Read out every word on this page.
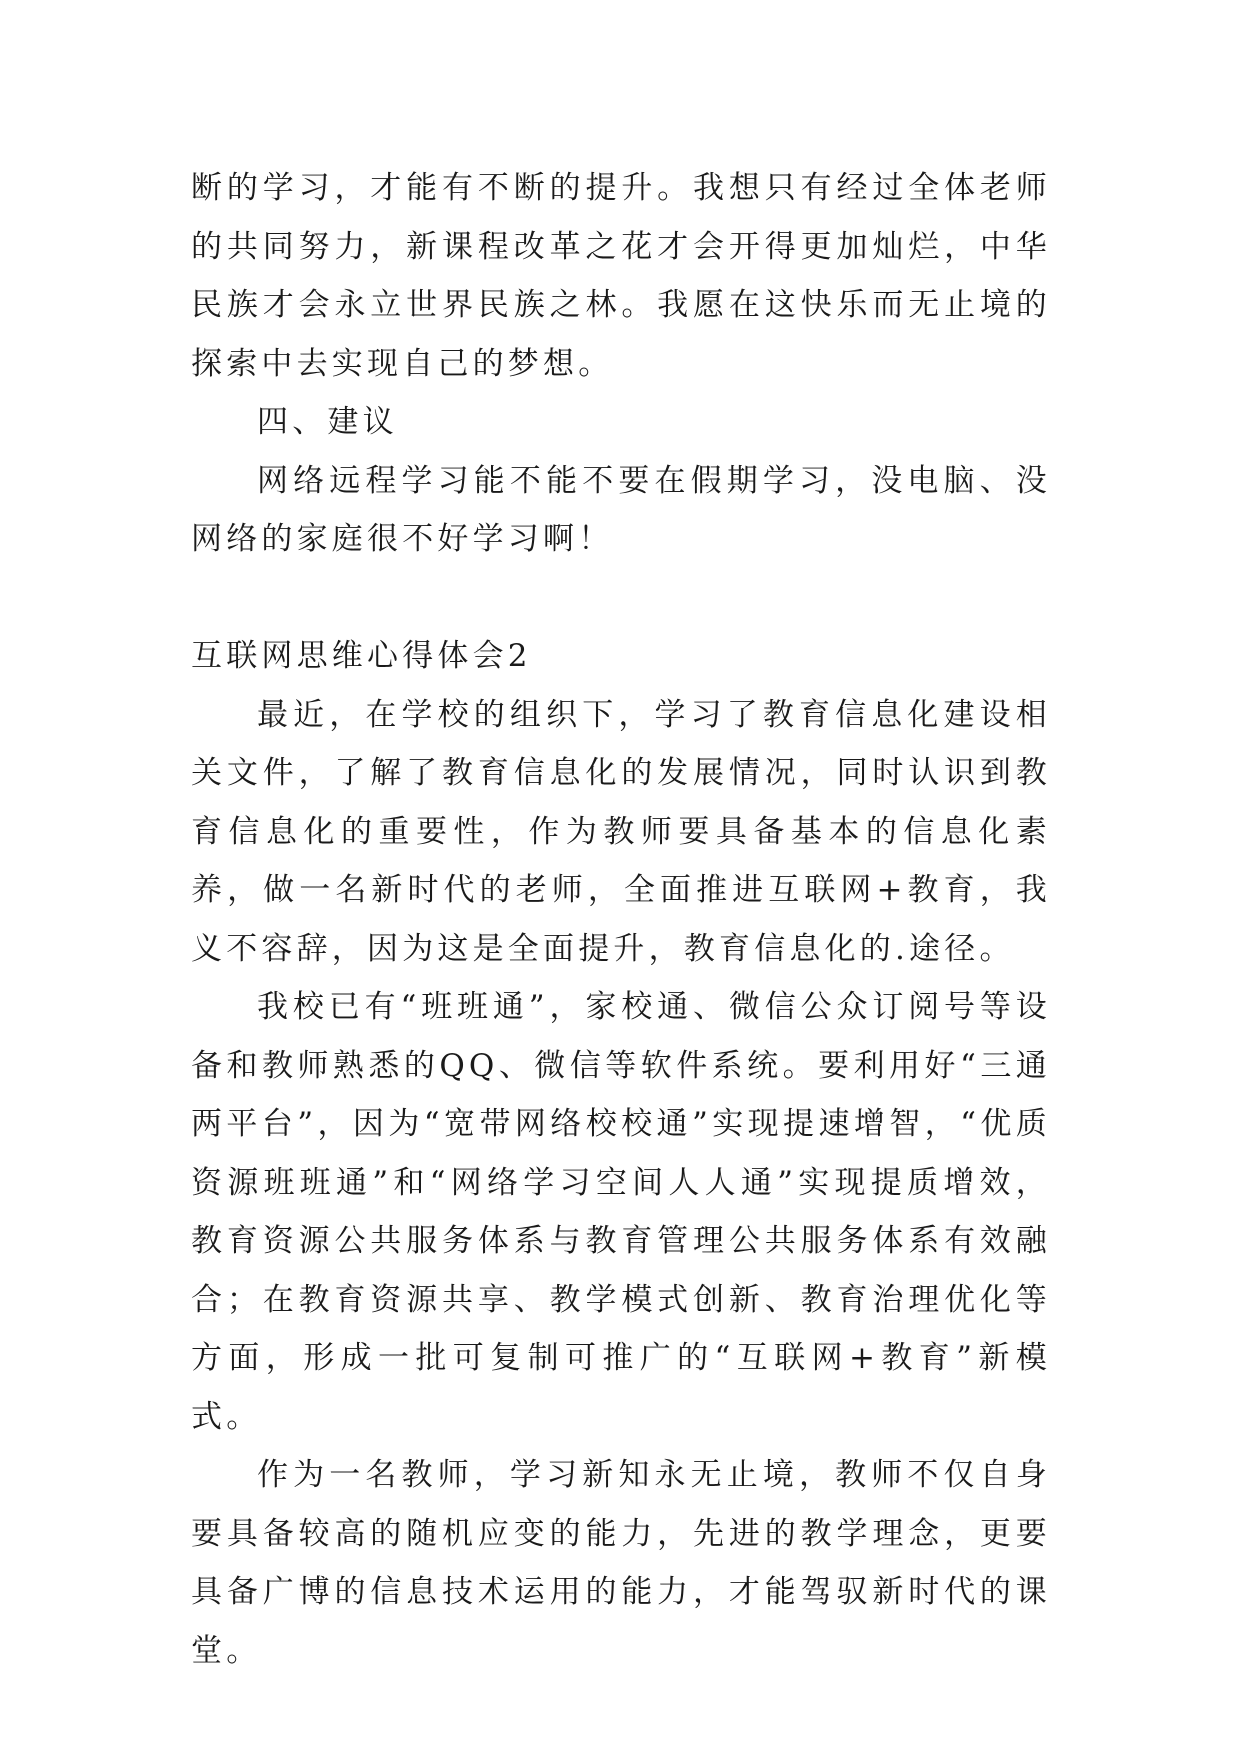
断的学习，才能有不断的提升。我想只有经过全体老师的共同努力，新课程改革之花才会开得更加灿烂，中华民族才会永立世界民族之林。我愿在这快乐而无止境的探索中去实现自己的梦想。

四、建议

网络远程学习能不能不要在假期学习，没电脑、没网络的家庭很不好学习啊！

互联网思维心得体会2

最近，在学校的组织下，学习了教育信息化建设相关文件，了解了教育信息化的发展情况，同时认识到教育信息化的重要性，作为教师要具备基本的信息化素养，做一名新时代的老师，全面推进互联网+教育，我义不容辞，因为这是全面提升，教育信息化的.途径。

我校已有“班班通”，家校通、微信公众订阅号等设备和教师熟悉的QQ、微信等软件系统。要利用好“三通两平台”，因为“宽带网络校校通”实现提速增智，“优质资源班班通”和“网络学习空间人人通”实现提质增效，教育资源公共服务体系与教育管理公共服务体系有效融合；在教育资源共享、教学模式创新、教育治理优化等方面，形成一批可复制可推广的“互联网+教育”新模式。

作为一名教师，学习新知永无止境，教师不仅自身要具备较高的随机应变的能力，先进的教学理念，更要具备广博的信息技术运用的能力，才能驾驭新时代的课堂。
